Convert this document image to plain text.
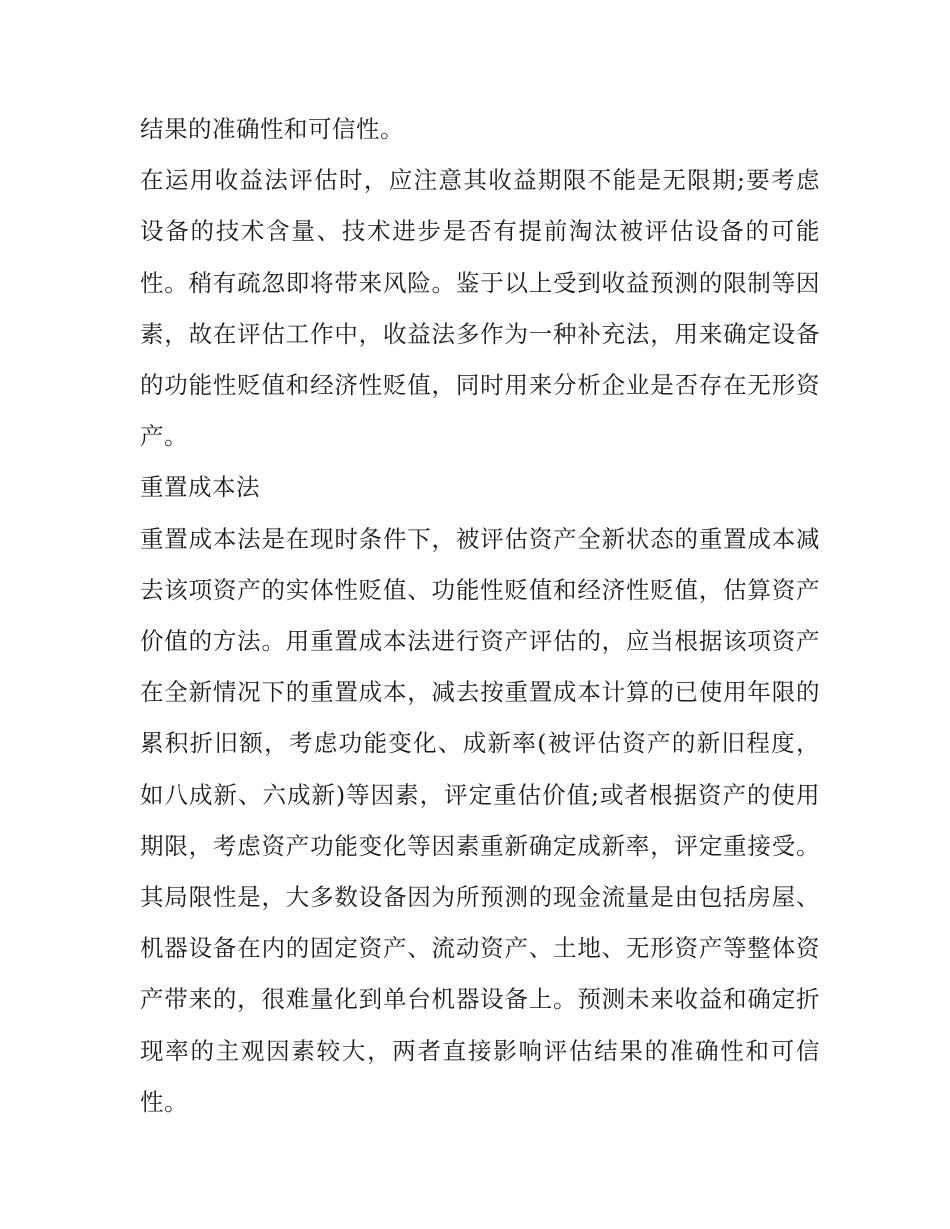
结果的准确性和可信性。

在运用收益法评估时，应注意其收益期限不能是无限期;要考虑设备的技术含量、技术进步是否有提前淘汰被评估设备的可能性。稍有疏忽即将带来风险。鉴于以上受到收益预测的限制等因素，故在评估工作中，收益法多作为一种补充法，用来确定设备的功能性贬值和经济性贬值，同时用来分析企业是否存在无形资产。

重置成本法

重置成本法是在现时条件下，被评估资产全新状态的重置成本减去该项资产的实体性贬值、功能性贬值和经济性贬值，估算资产价值的方法。用重置成本法进行资产评估的，应当根据该项资产在全新情况下的重置成本，减去按重置成本计算的已使用年限的累积折旧额，考虑功能变化、成新率(被评估资产的新旧程度，如八成新、六成新)等因素，评定重估价值;或者根据资产的使用期限，考虑资产功能变化等因素重新确定成新率，评定重接受。其局限性是，大多数设备因为所预测的现金流量是由包括房屋、机器设备在内的固定资产、流动资产、土地、无形资产等整体资产带来的，很难量化到单台机器设备上。预测未来收益和确定折现率的主观因素较大，两者直接影响评估结果的准确性和可信性。
